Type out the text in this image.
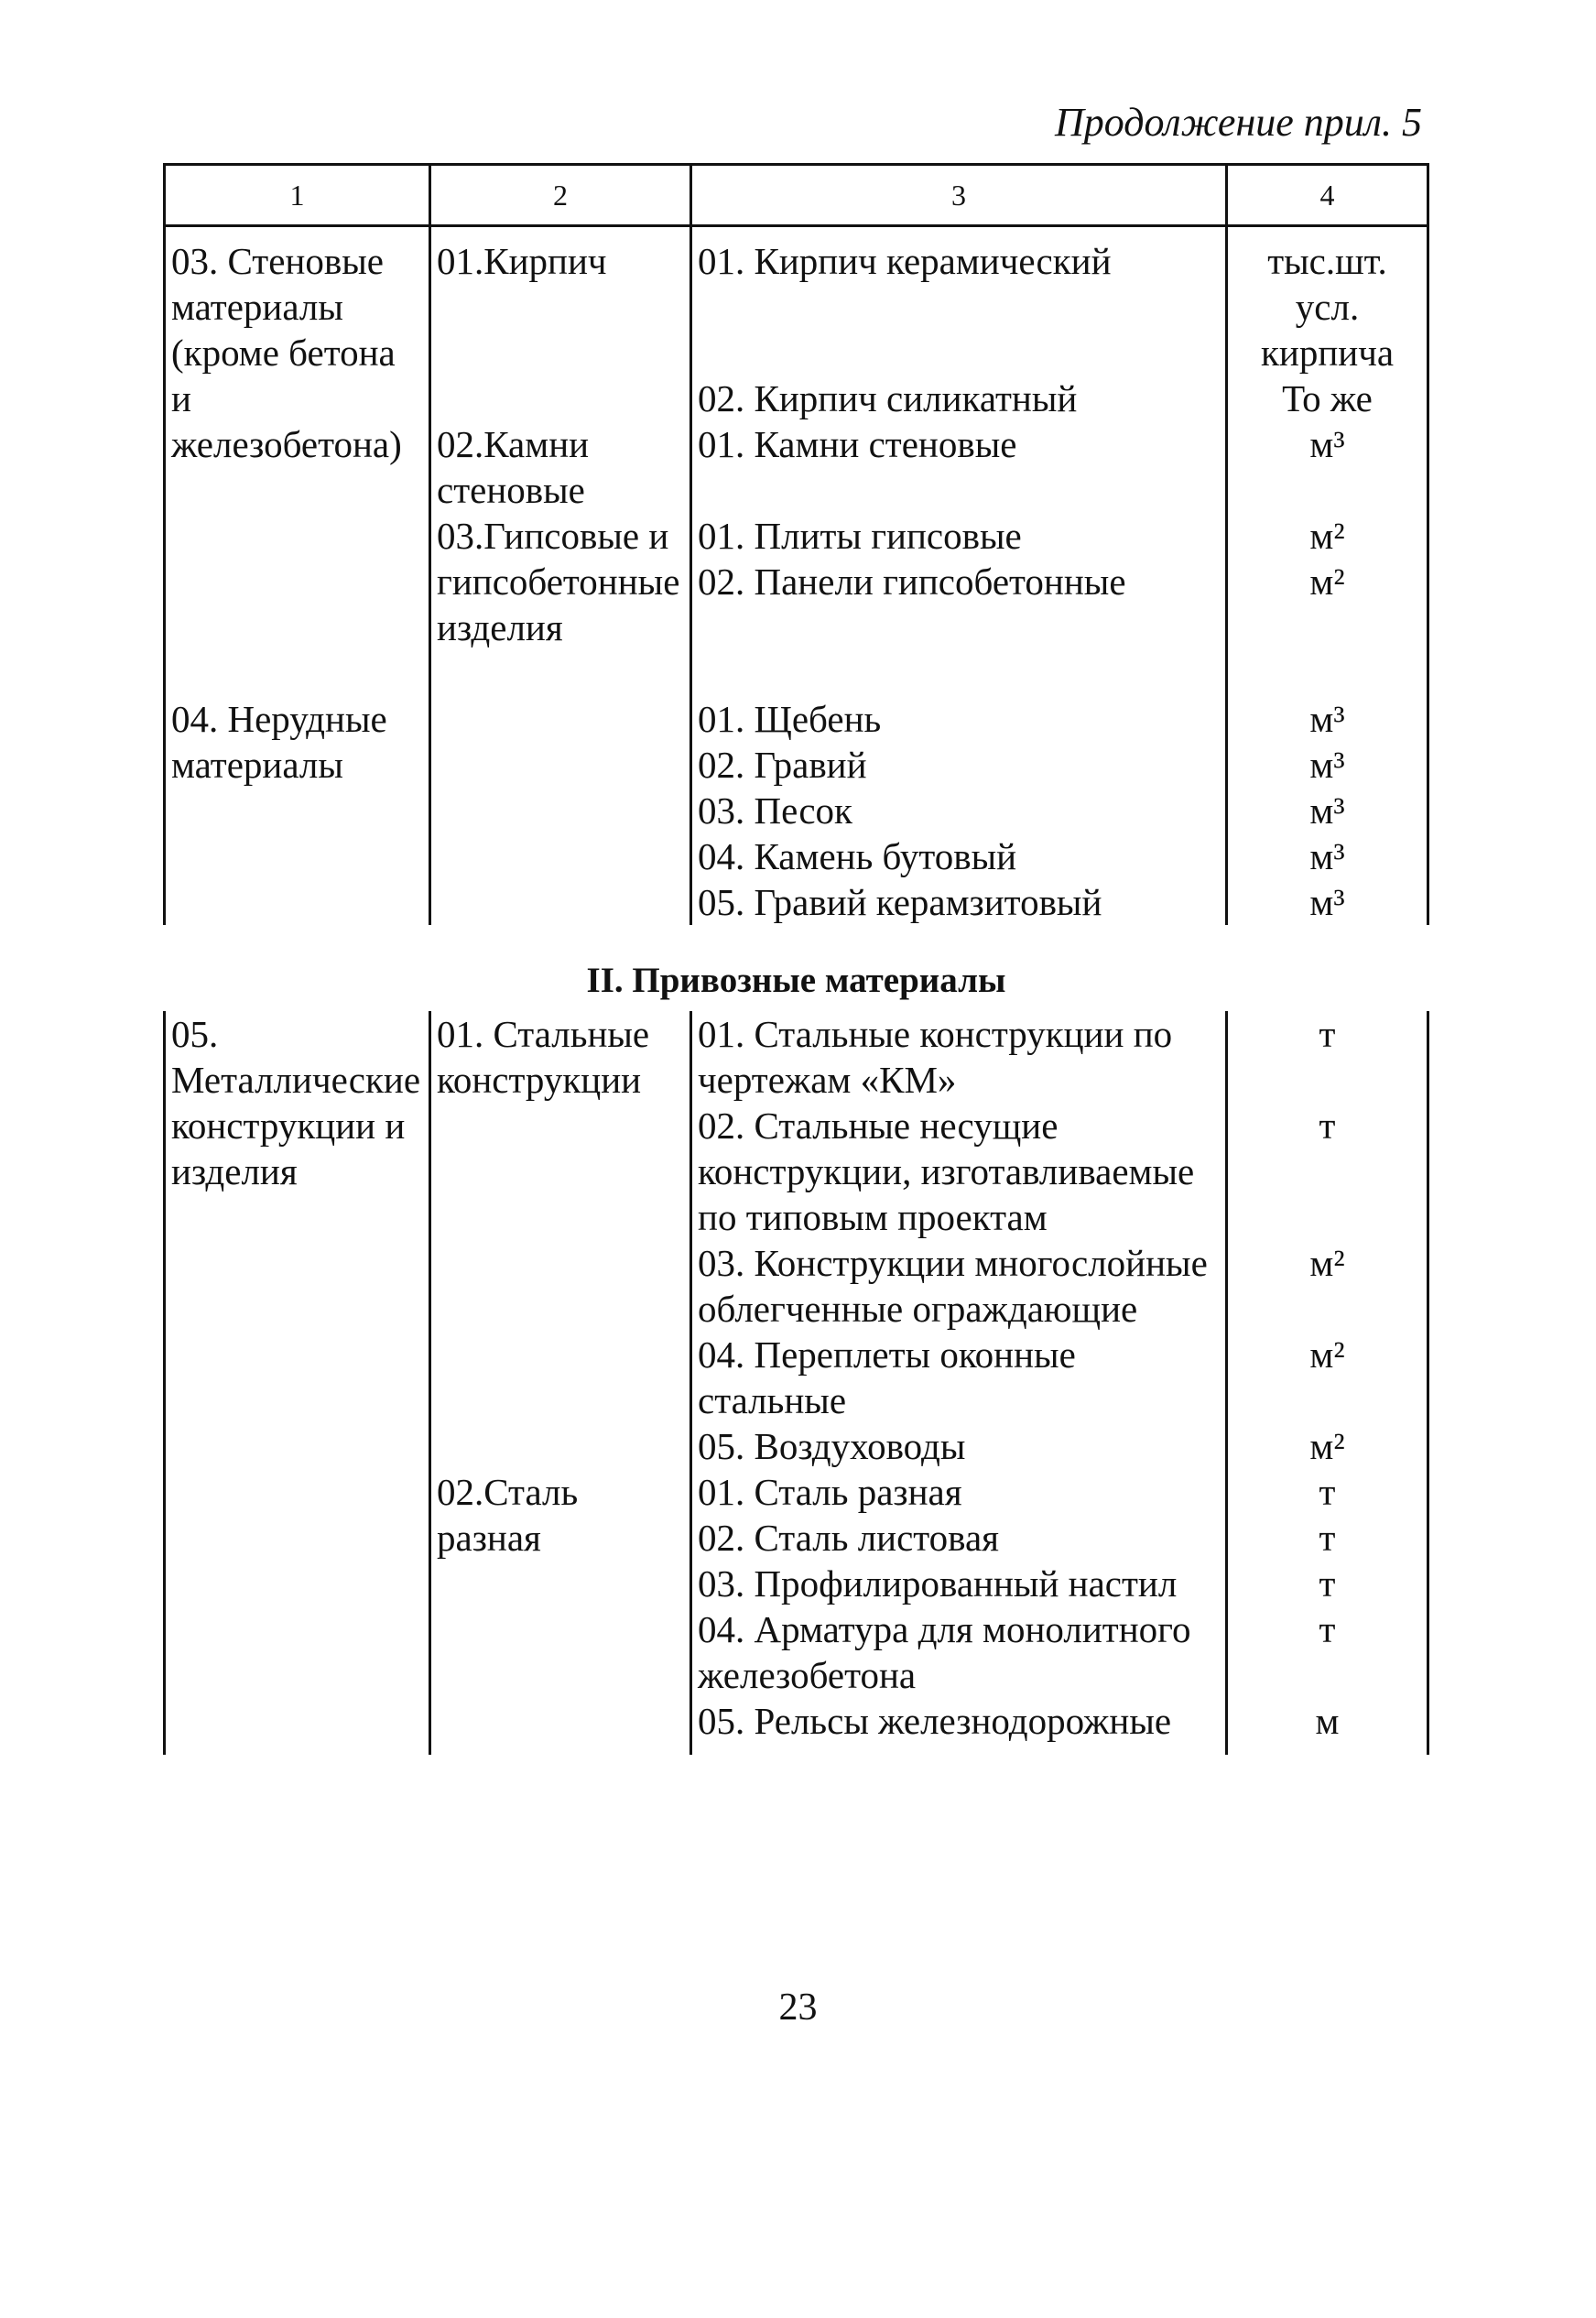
Продолжение прил. 5
1	2	3	4
03. Стеновые материалы (кроме бетона и железобетона)	01.Кирпич	01. Кирпич керамический	тыс.шт. усл. кирпича
		02. Кирпич силикатный	То же
	02.Камни стеновые	01. Камни стеновые	м³
	03.Гипсовые и гипсобетонные изделия	01. Плиты гипсовые	м²
		02. Панели гипсобетонные	м²
04. Нерудные материалы		01. Щебень	м³
		02. Гравий	м³
		03. Песок	м³
		04. Камень бутовый	м³
		05. Гравий керамзитовый	м³
II. Привозные материалы			
05. Металлические конструкции и изделия	01. Стальные конструкции	01. Стальные конструкции по чертежам «КМ»	т
		02. Стальные несущие конструкции, изготавливаемые по типовым проектам	т
		03. Конструкции многослойные облегченные ограждающие	м²
		04. Переплеты оконные стальные	м²
		05. Воздуховоды	м²
	02.Сталь разная	01. Сталь разная	т
		02. Сталь листовая	т
		03. Профилированный настил	т
		04. Арматура для монолитного железобетона	т
		05. Рельсы железнодорожные	м
23
